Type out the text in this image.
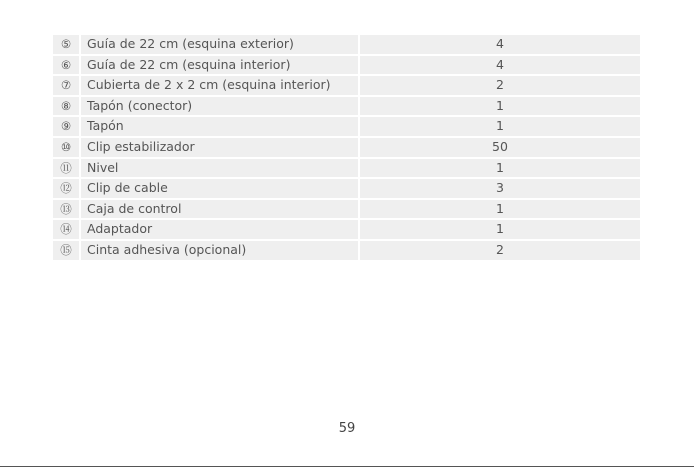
⑤	Guía de 22 cm (esquina exterior)	4
⑥	Guía de 22 cm (esquina interior)	4
⑦	Cubierta de 2 x 2 cm (esquina interior)	2
⑧	Tapón (conector)	1
⑨	Tapón	1
⑩	Clip estabilizador	50
⑪	Nivel	1
⑫	Clip de cable	3
⑬	Caja de control	1
⑭	Adaptador	1
⑮	Cinta adhesiva (opcional)	2
59
